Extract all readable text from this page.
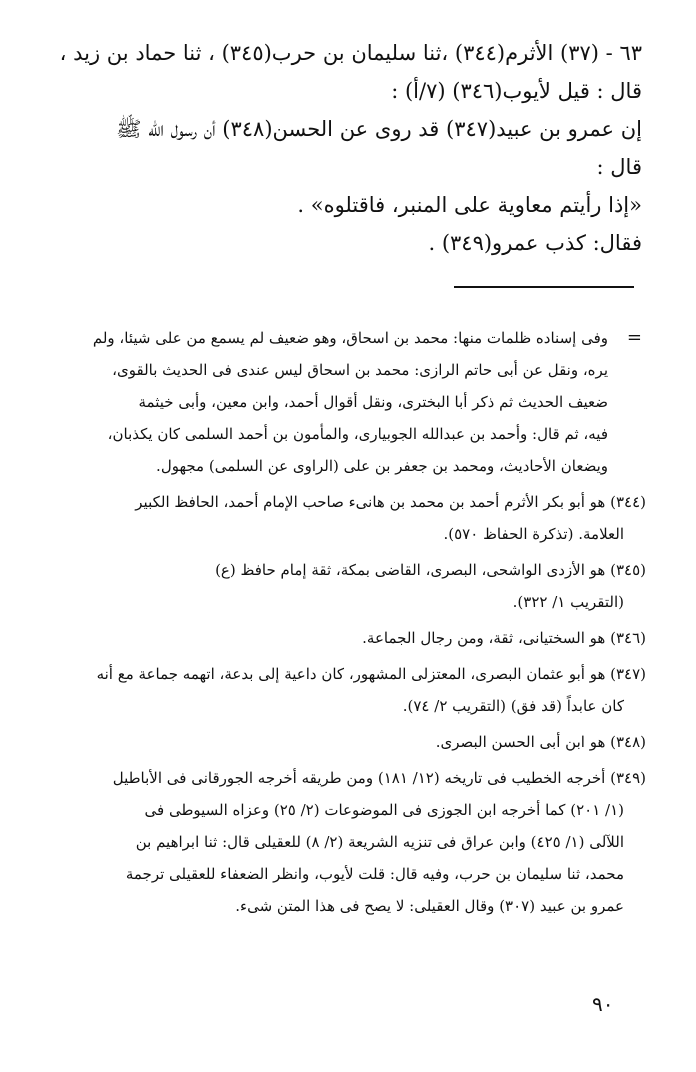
٦٣ - (٣٧) الأثرم(٣٤٤) ،ثنا سليمان بن حرب(٣٤٥) ، ثنا حماد بن زيد ،

قال : قيل لأيوب(٣٤٦) (٧/أ) :

إن عمرو بن عبيد(٣٤٧) قد روى عن الحسن(٣٤٨) أن رسول الله ﷺ

قال :

«إذا رأيتم معاوية على المنبر، فاقتلوه» .

فقال: كذب عمرو(٣٤٩) .

=

وفى إسناده ظلمات منها: محمد بن اسحاق، وهو ضعيف لم يسمع من على شيئا، ولم

يره، ونقل عن أبى حاتم الرازى: محمد بن اسحاق ليس عندى فى الحديث بالقوى،

ضعيف الحديث ثم ذكر أبا البخترى، ونقل أقوال أحمد، وابن معين، وأبى خيثمة

فيه، ثم قال: وأحمد بن عبدالله الجوبيارى، والمأمون بن أحمد السلمى كان يكذبان،

ويضعان الأحاديث، ومحمد بن جعفر بن على (الراوى عن السلمى) مجهول.

(٣٤٤) هو أبو بكر الأثرم أحمد بن محمد بن هانىء صاحب الإمام أحمد، الحافظ الكبير

العلامة. (تذكرة الحفاظ ٥٧٠).

(٣٤٥) هو الأزدى الواشحى، البصرى، القاضى بمكة، ثقة إمام حافظ (ع)

(التقريب ١/ ٣٢٢).

(٣٤٦) هو السختيانى، ثقة، ومن رجال الجماعة.

(٣٤٧) هو أبو عثمان البصرى، المعتزلى المشهور، كان داعية إلى بدعة، اتهمه جماعة مع أنه

كان عابداً (قد فق) (التقريب ٢/ ٧٤).

(٣٤٨) هو ابن أبى الحسن البصرى.

(٣٤٩) أخرجه الخطيب فى تاريخه (١٢/ ١٨١) ومن طريقه أخرجه الجورقانى فى الأباطيل

(١/ ٢٠١) كما أخرجه ابن الجوزى فى الموضوعات (٢/ ٢٥) وعزاه السيوطى فى

اللآلى (١/ ٤٢٥) وابن عراق فى تنزيه الشريعة (٢/ ٨) للعقيلى قال: ثنا ابراهيم بن

محمد، ثنا سليمان بن حرب، وفيه قال: قلت لأيوب، وانظر الضعفاء للعقيلى ترجمة

عمرو بن عبيد (٣٠٧) وقال العقيلى: لا يصح فى هذا المتن شىء.

٩٠
